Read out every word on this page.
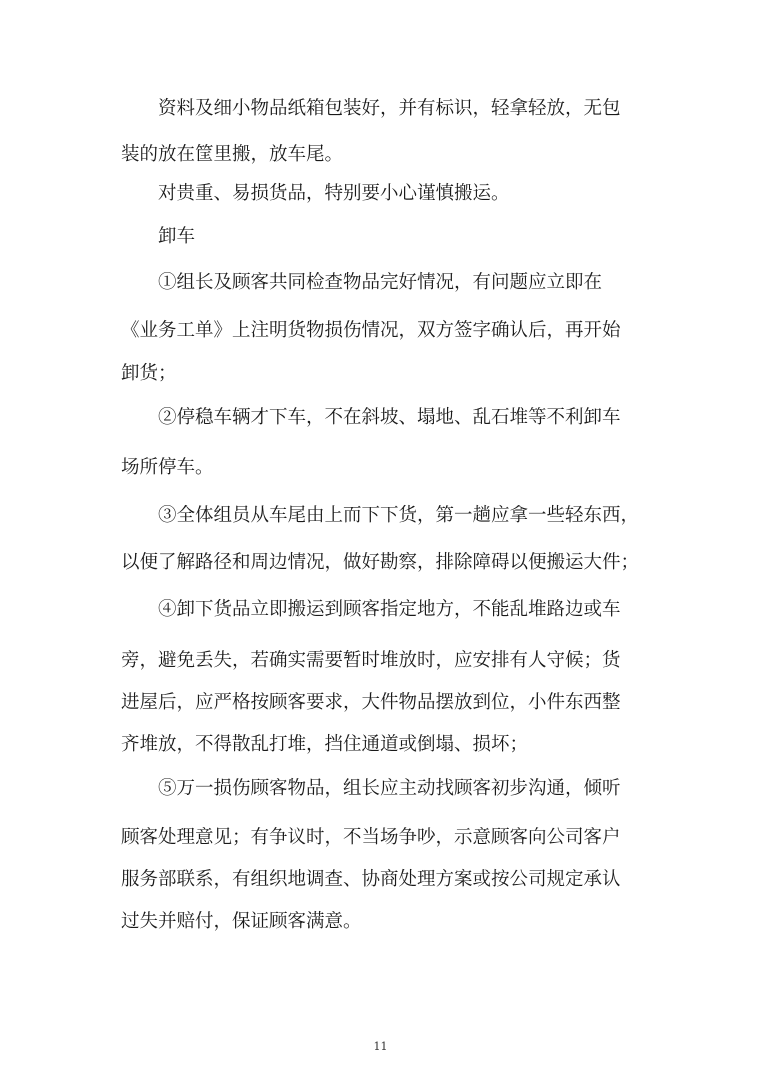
资料及细小物品纸箱包装好，并有标识，轻拿轻放，无包
装的放在筐里搬，放车尾。
对贵重、易损货品，特别要小心谨慎搬运。
卸车
①组长及顾客共同检查物品完好情况，有问题应立即在
《业务工单》上注明货物损伤情况，双方签字确认后，再开始
卸货；
②停稳车辆才下车，不在斜坡、塌地、乱石堆等不利卸车
场所停车。
③全体组员从车尾由上而下下货，第一趟应拿一些轻东西，
以便了解路径和周边情况，做好勘察，排除障碍以便搬运大件；
④卸下货品立即搬运到顾客指定地方，不能乱堆路边或车
旁，避免丢失，若确实需要暂时堆放时，应安排有人守候；货
进屋后，应严格按顾客要求，大件物品摆放到位，小件东西整
齐堆放，不得散乱打堆，挡住通道或倒塌、损坏；
⑤万一损伤顾客物品，组长应主动找顾客初步沟通，倾听
顾客处理意见；有争议时，不当场争吵，示意顾客向公司客户
服务部联系，有组织地调查、协商处理方案或按公司规定承认
过失并赔付，保证顾客满意。
11
